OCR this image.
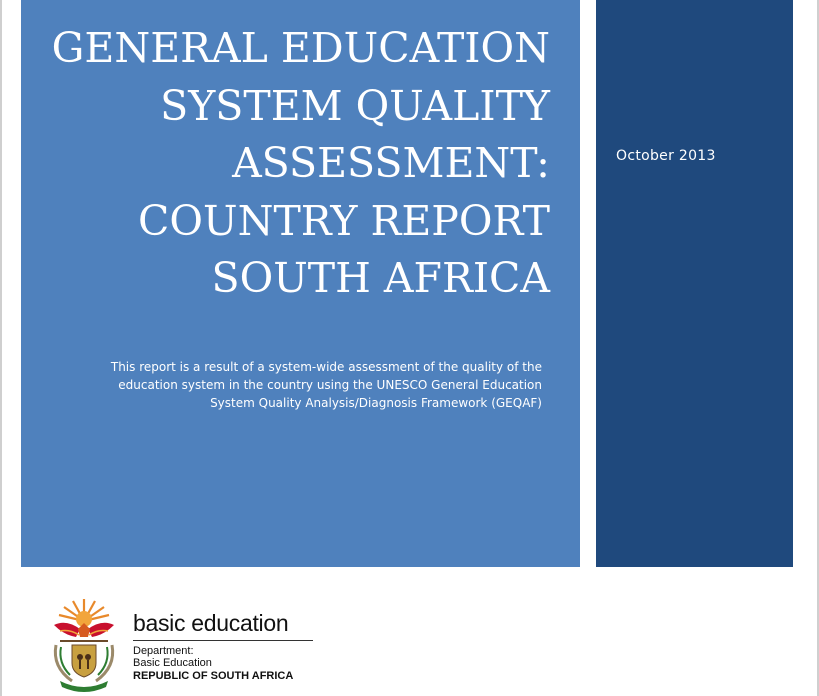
GENERAL EDUCATION
SYSTEM QUALITY
ASSESSMENT:
COUNTRY REPORT
SOUTH AFRICA

This report is a result of a system-wide assessment of the quality of the
education system in the country using the UNESCO General Education
System Quality Analysis/Diagnosis Framework (GEQAF)

October 2013

basic education

Department:

Basic Education

REPUBLIC OF SOUTH AFRICA
